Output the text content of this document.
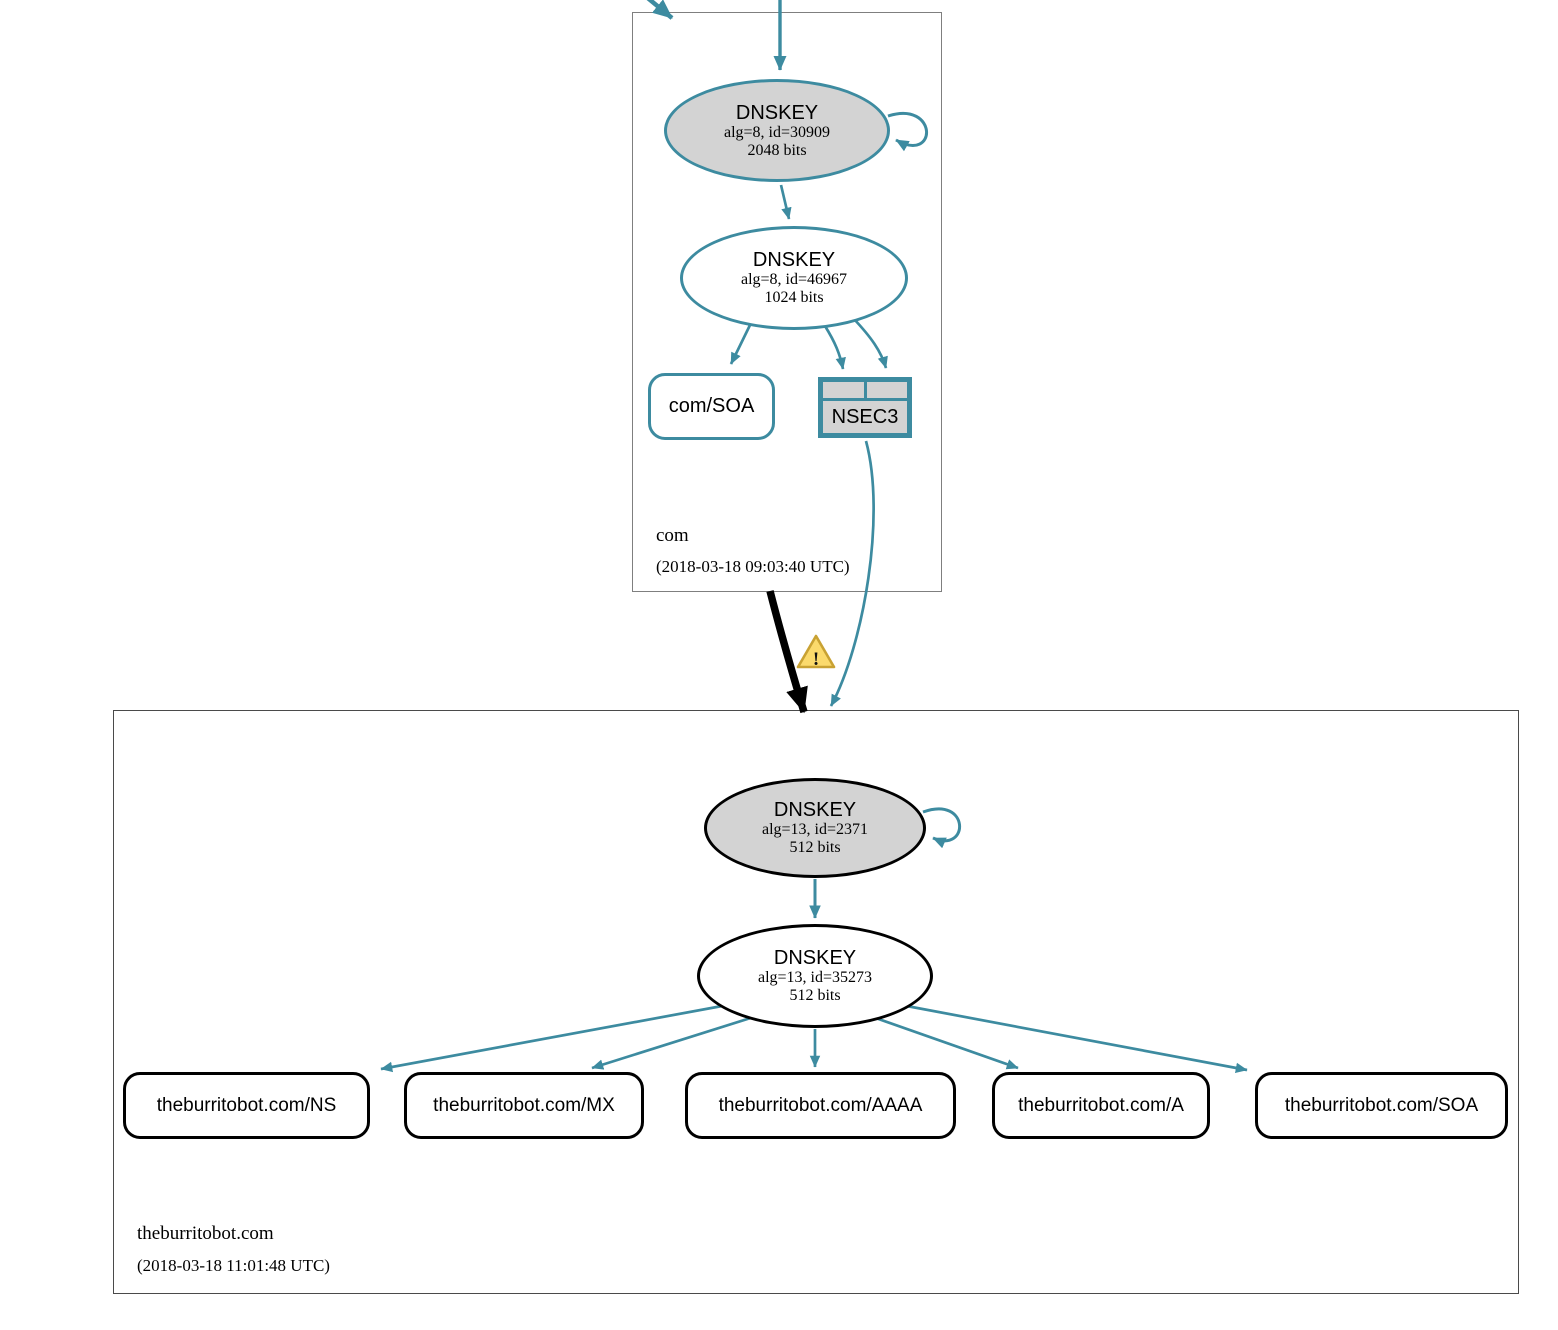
!
DNSKEY
alg=8, id=30909
2048 bits
DNSKEY
alg=8, id=46967
1024 bits
com/SOA	NSEC3
com
(2018-03-18 09:03:40 UTC)
DNSKEY
alg=13, id=2371
512 bits
DNSKEY
alg=13, id=35273
512 bits
theburritobot.com/NS	theburritobot.com/MX	theburritobot.com/AAAA	theburritobot.com/A	theburritobot.com/SOA
theburritobot.com
(2018-03-18 11:01:48 UTC)
